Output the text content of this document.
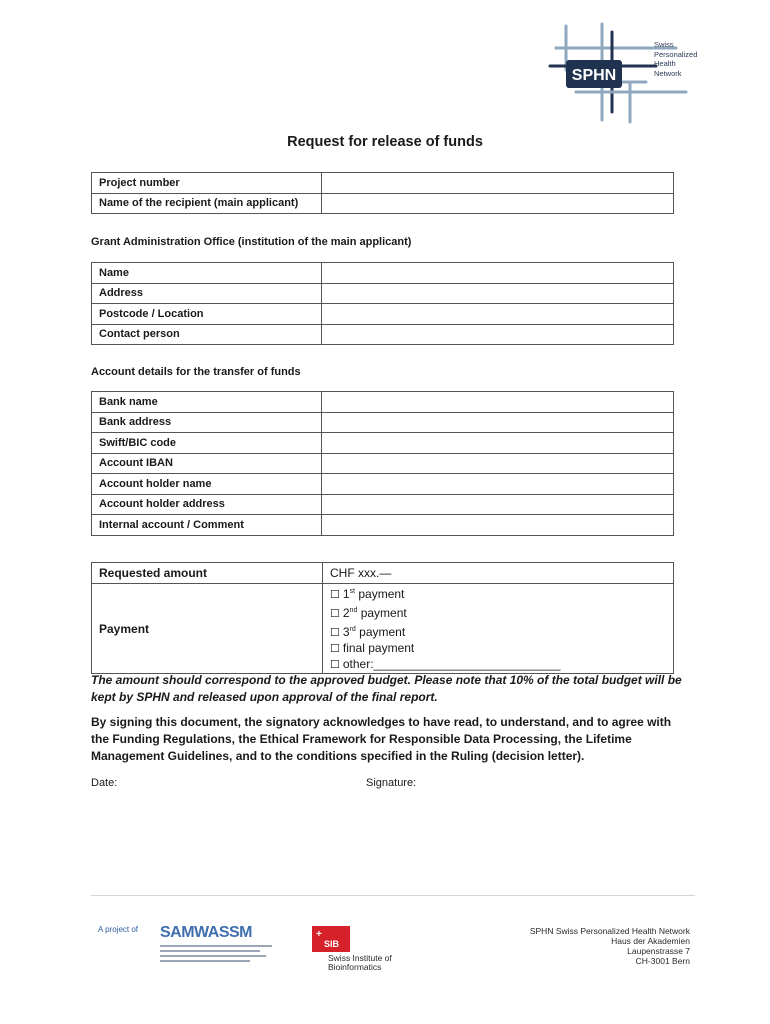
SPHN
Swiss
Personalized
Health
Network
Request for release of funds
Project number	
Name of the recipient (main applicant)	
Grant Administration Office (institution of the main applicant)
Name	
Address	
Postcode / Location	
Contact person	
Account details for the transfer of funds
Bank name	
Bank address	
Swift/BIC code	
Account IBAN	
Account holder name	
Account holder address	
Internal account / Comment	
Requested amount	CHF xxx.—
Payment	☐ 1st payment
☐ 2nd payment
☐ 3rd payment
☐ final payment
☐ other:____________________________
The amount should correspond to the approved budget. Please note that 10% of the total budget will be kept by SPHN and released upon approval of the final report.
By signing this document, the signatory acknowledges to have read, to understand, and to agree with the Funding Regulations, the Ethical Framework for Responsible Data Processing, the Lifetime Management Guidelines, and to the conditions specified in the Ruling (decision letter).
Date:	Signature:
A project of SAMWASSM	+
SIB
Swiss Institute of
Bioinformatics
SPHN Swiss Personalized Health Network
Haus der Akademien
Laupenstrasse 7
CH-3001 Bern
